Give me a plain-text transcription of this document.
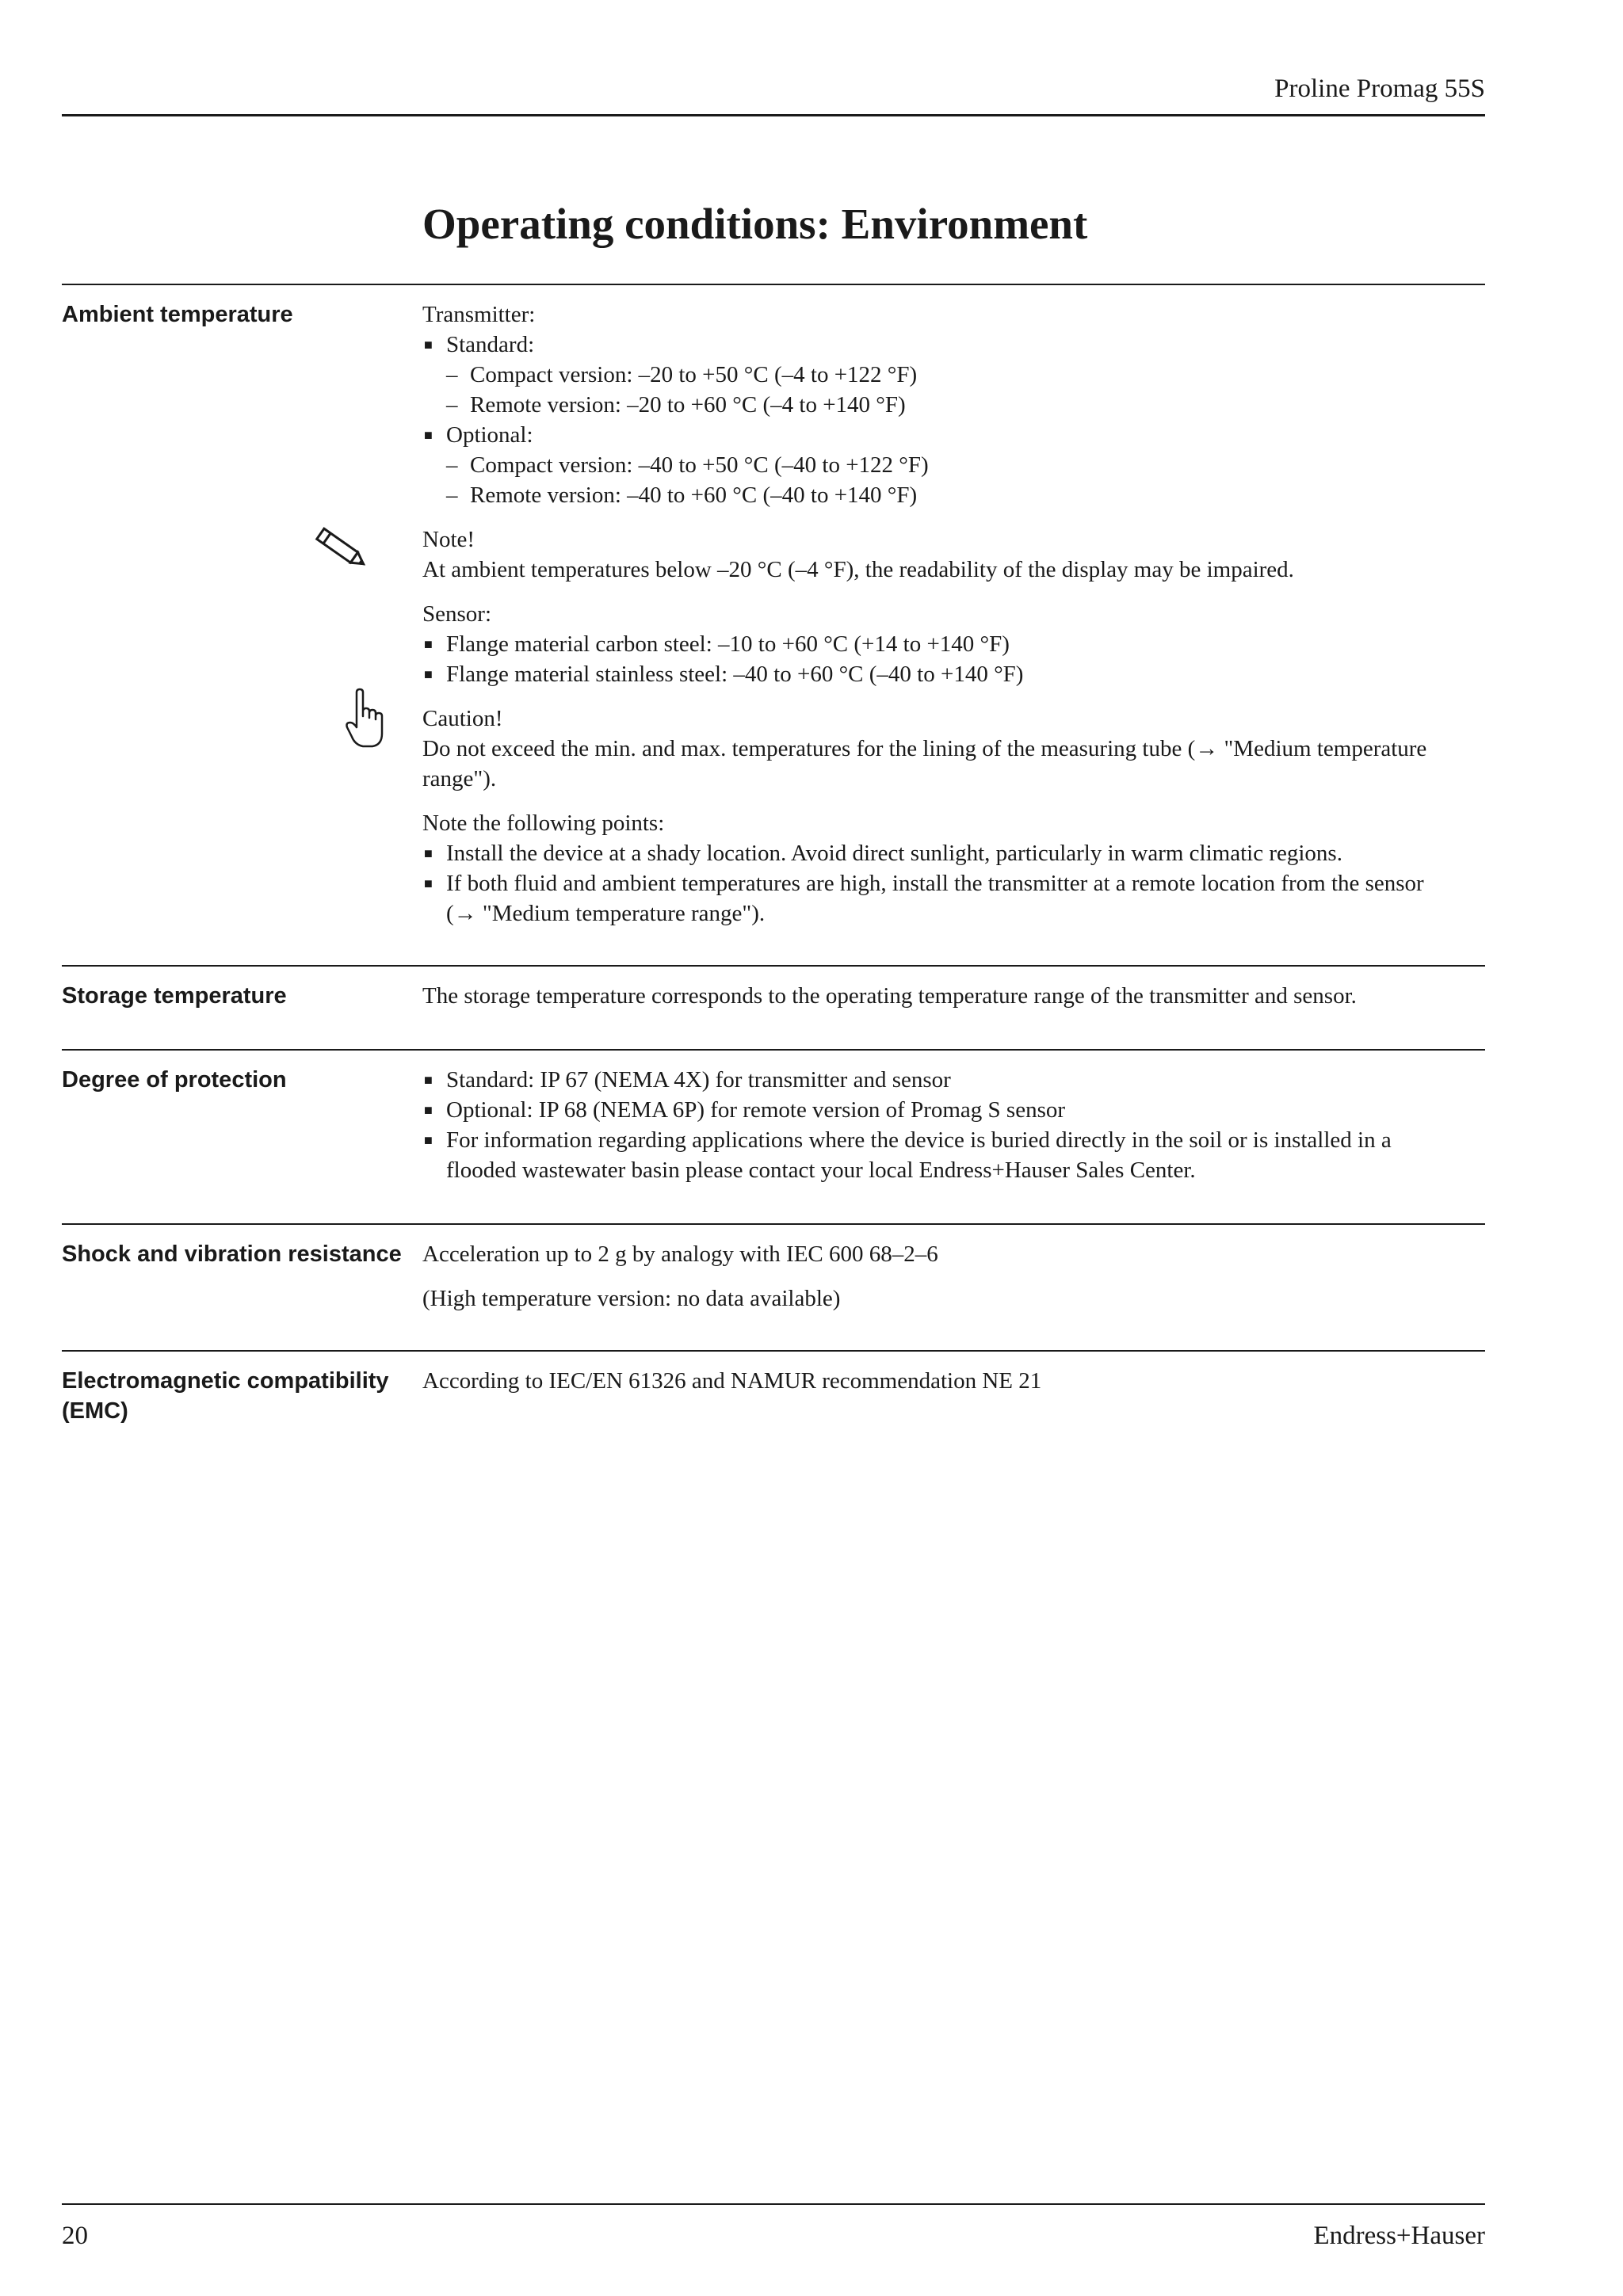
Proline Promag 55S
Operating conditions: Environment
Ambient temperature	Transmitter:
■ Standard:
– Compact version: –20 to +50 °C (–4 to +122 °F)
– Remote version: –20 to +60 °C (–4 to +140 °F)
■ Optional:
– Compact version: –40 to +50 °C (–40 to +122 °F)
– Remote version: –40 to +60 °C (–40 to +140 °F)
Note!
At ambient temperatures below –20 °C (–4 °F), the readability of the display may be impaired.
Sensor:
■ Flange material carbon steel: –10 to +60 °C (+14 to +140 °F)
■ Flange material stainless steel: –40 to +60 °C (–40 to +140 °F)
Caution!
Do not exceed the min. and max. temperatures for the lining of the measuring tube (→ "Medium temperature
range").
Note the following points:
■ Install the device at a shady location. Avoid direct sunlight, particularly in warm climatic regions.
■ If both fluid and ambient temperatures are high, install the transmitter at a remote location from the sensor
(→ "Medium temperature range").
Storage temperature	The storage temperature corresponds to the operating temperature range of the transmitter and sensor.
Degree of protection
■	Standard: IP 67 (NEMA 4X) for transmitter and sensor
■ Optional: IP 68 (NEMA 6P) for remote version of Promag S sensor
■ For information regarding applications where the device is buried directly in the soil or is installed in a
flooded wastewater basin please contact your local Endress+Hauser Sales Center.
Shock and vibration resistance Acceleration up to 2 g by analogy with IEC 600 68–2–6
(High temperature version: no data available)
Electromagnetic compatibility
(EMC)
According to IEC/EN 61326 and NAMUR recommendation NE 21
20	Endress+Hauser
